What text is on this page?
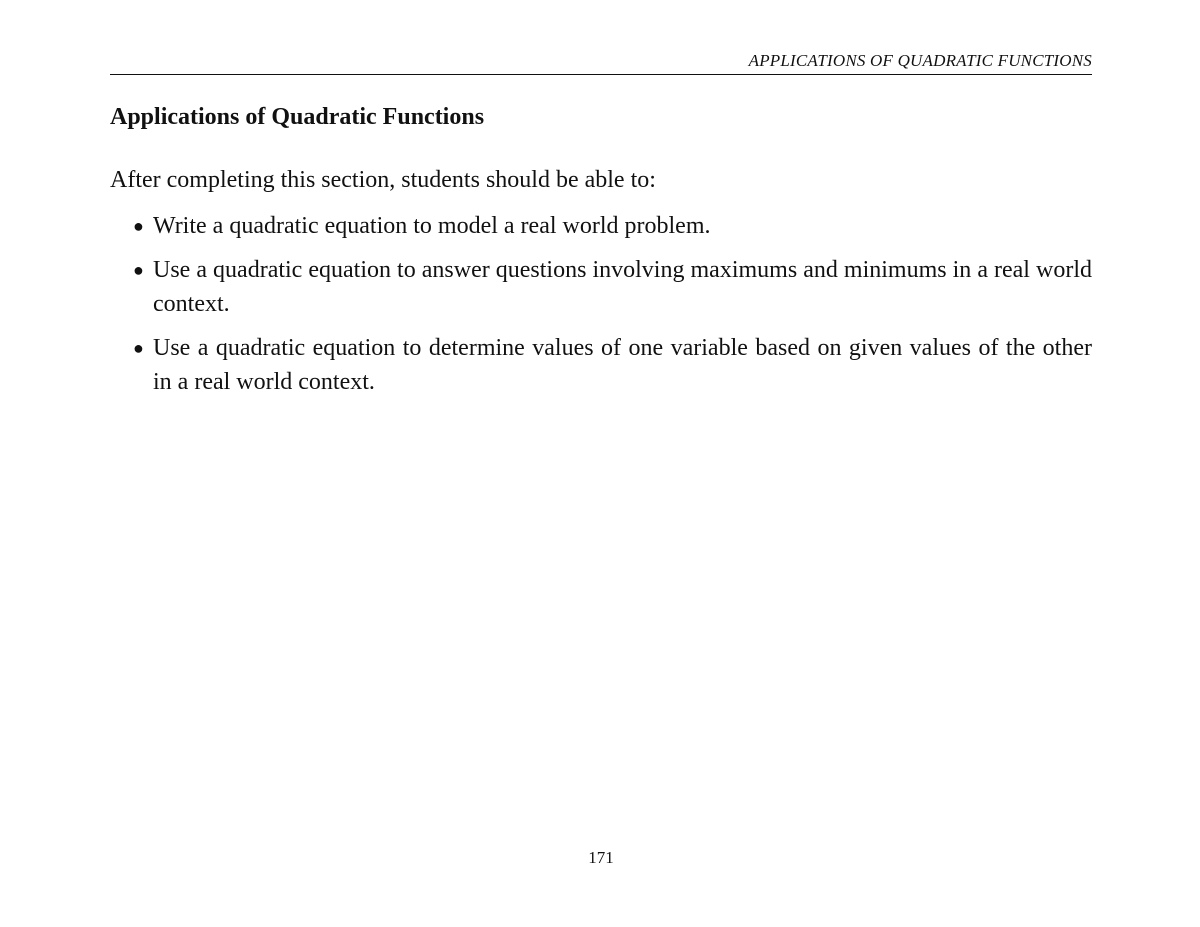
APPLICATIONS OF QUADRATIC FUNCTIONS
Applications of Quadratic Functions

After completing this section, students should be able to:

● Write a quadratic equation to model a real world problem.
● Use a quadratic equation to answer questions involving maximums and minimums in a real world context.
● Use a quadratic equation to determine values of one variable based on given values of the other in a real world context.
171
